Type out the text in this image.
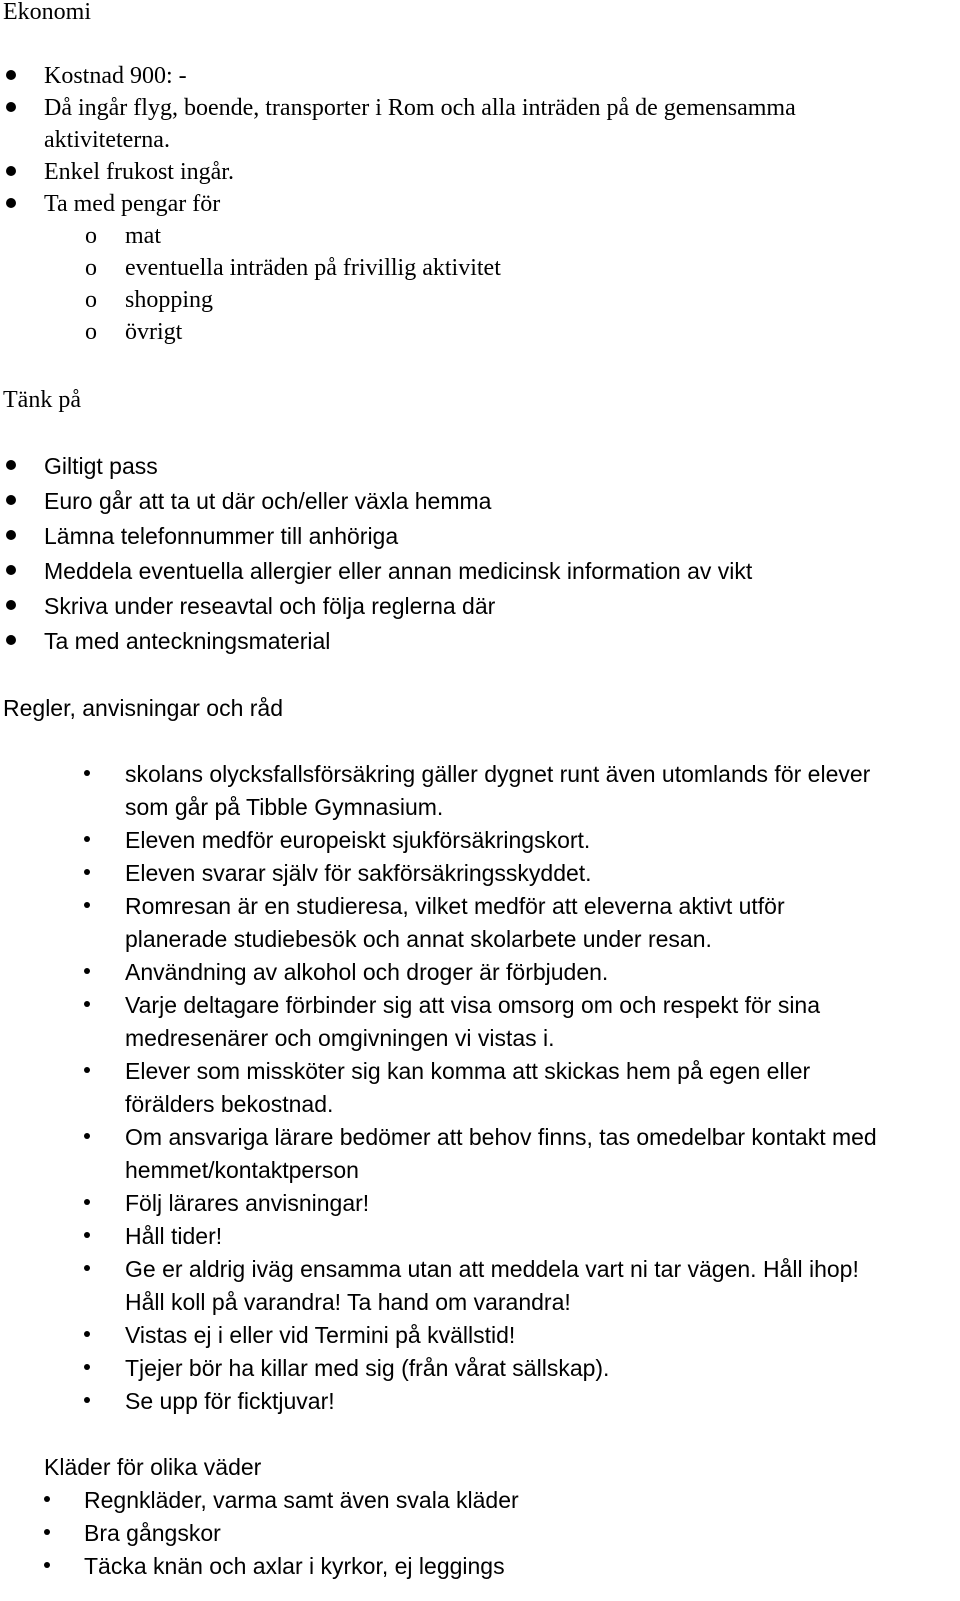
Ekonomi
Kostnad 900: -
Då ingår flyg, boende, transporter i Rom och alla inträden på de gemensamma
aktiviteterna.
Enkel frukost ingår.
Ta med pengar för
o mat
o eventuella inträden på frivillig aktivitet
o shopping
o övrigt
Tänk på
Giltigt pass
Euro går att ta ut där och/eller växla hemma
Lämna telefonnummer till anhöriga
Meddela eventuella allergier eller annan medicinsk information av vikt
Skriva under reseavtal och följa reglerna där
Ta med anteckningsmaterial
Regler, anvisningar och råd
skolans olycksfallsförsäkring gäller dygnet runt även utomlands för elever
som går på Tibble Gymnasium.
Eleven medför europeiskt sjukförsäkringskort.
Eleven svarar själv för sakförsäkringsskyddet.
Romresan är en studieresa, vilket medför att eleverna aktivt utför
planerade studiebesök och annat skolarbete under resan.
Användning av alkohol och droger är förbjuden.
Varje deltagare förbinder sig att visa omsorg om och respekt för sina
medresenärer och omgivningen vi vistas i.
Elever som missköter sig kan komma att skickas hem på egen eller
förälders bekostnad.
Om ansvariga lärare bedömer att behov finns, tas omedelbar kontakt med
hemmet/kontaktperson
Följ lärares anvisningar!
Håll tider!
Ge er aldrig iväg ensamma utan att meddela vart ni tar vägen. Håll ihop!
Håll koll på varandra! Ta hand om varandra!
Vistas ej i eller vid Termini på kvällstid!
Tjejer bör ha killar med sig (från vårat sällskap).
Se upp för ficktjuvar!
Kläder för olika väder
Regnkläder, varma samt även svala kläder
Bra gångskor
Täcka knän och axlar i kyrkor, ej leggings
